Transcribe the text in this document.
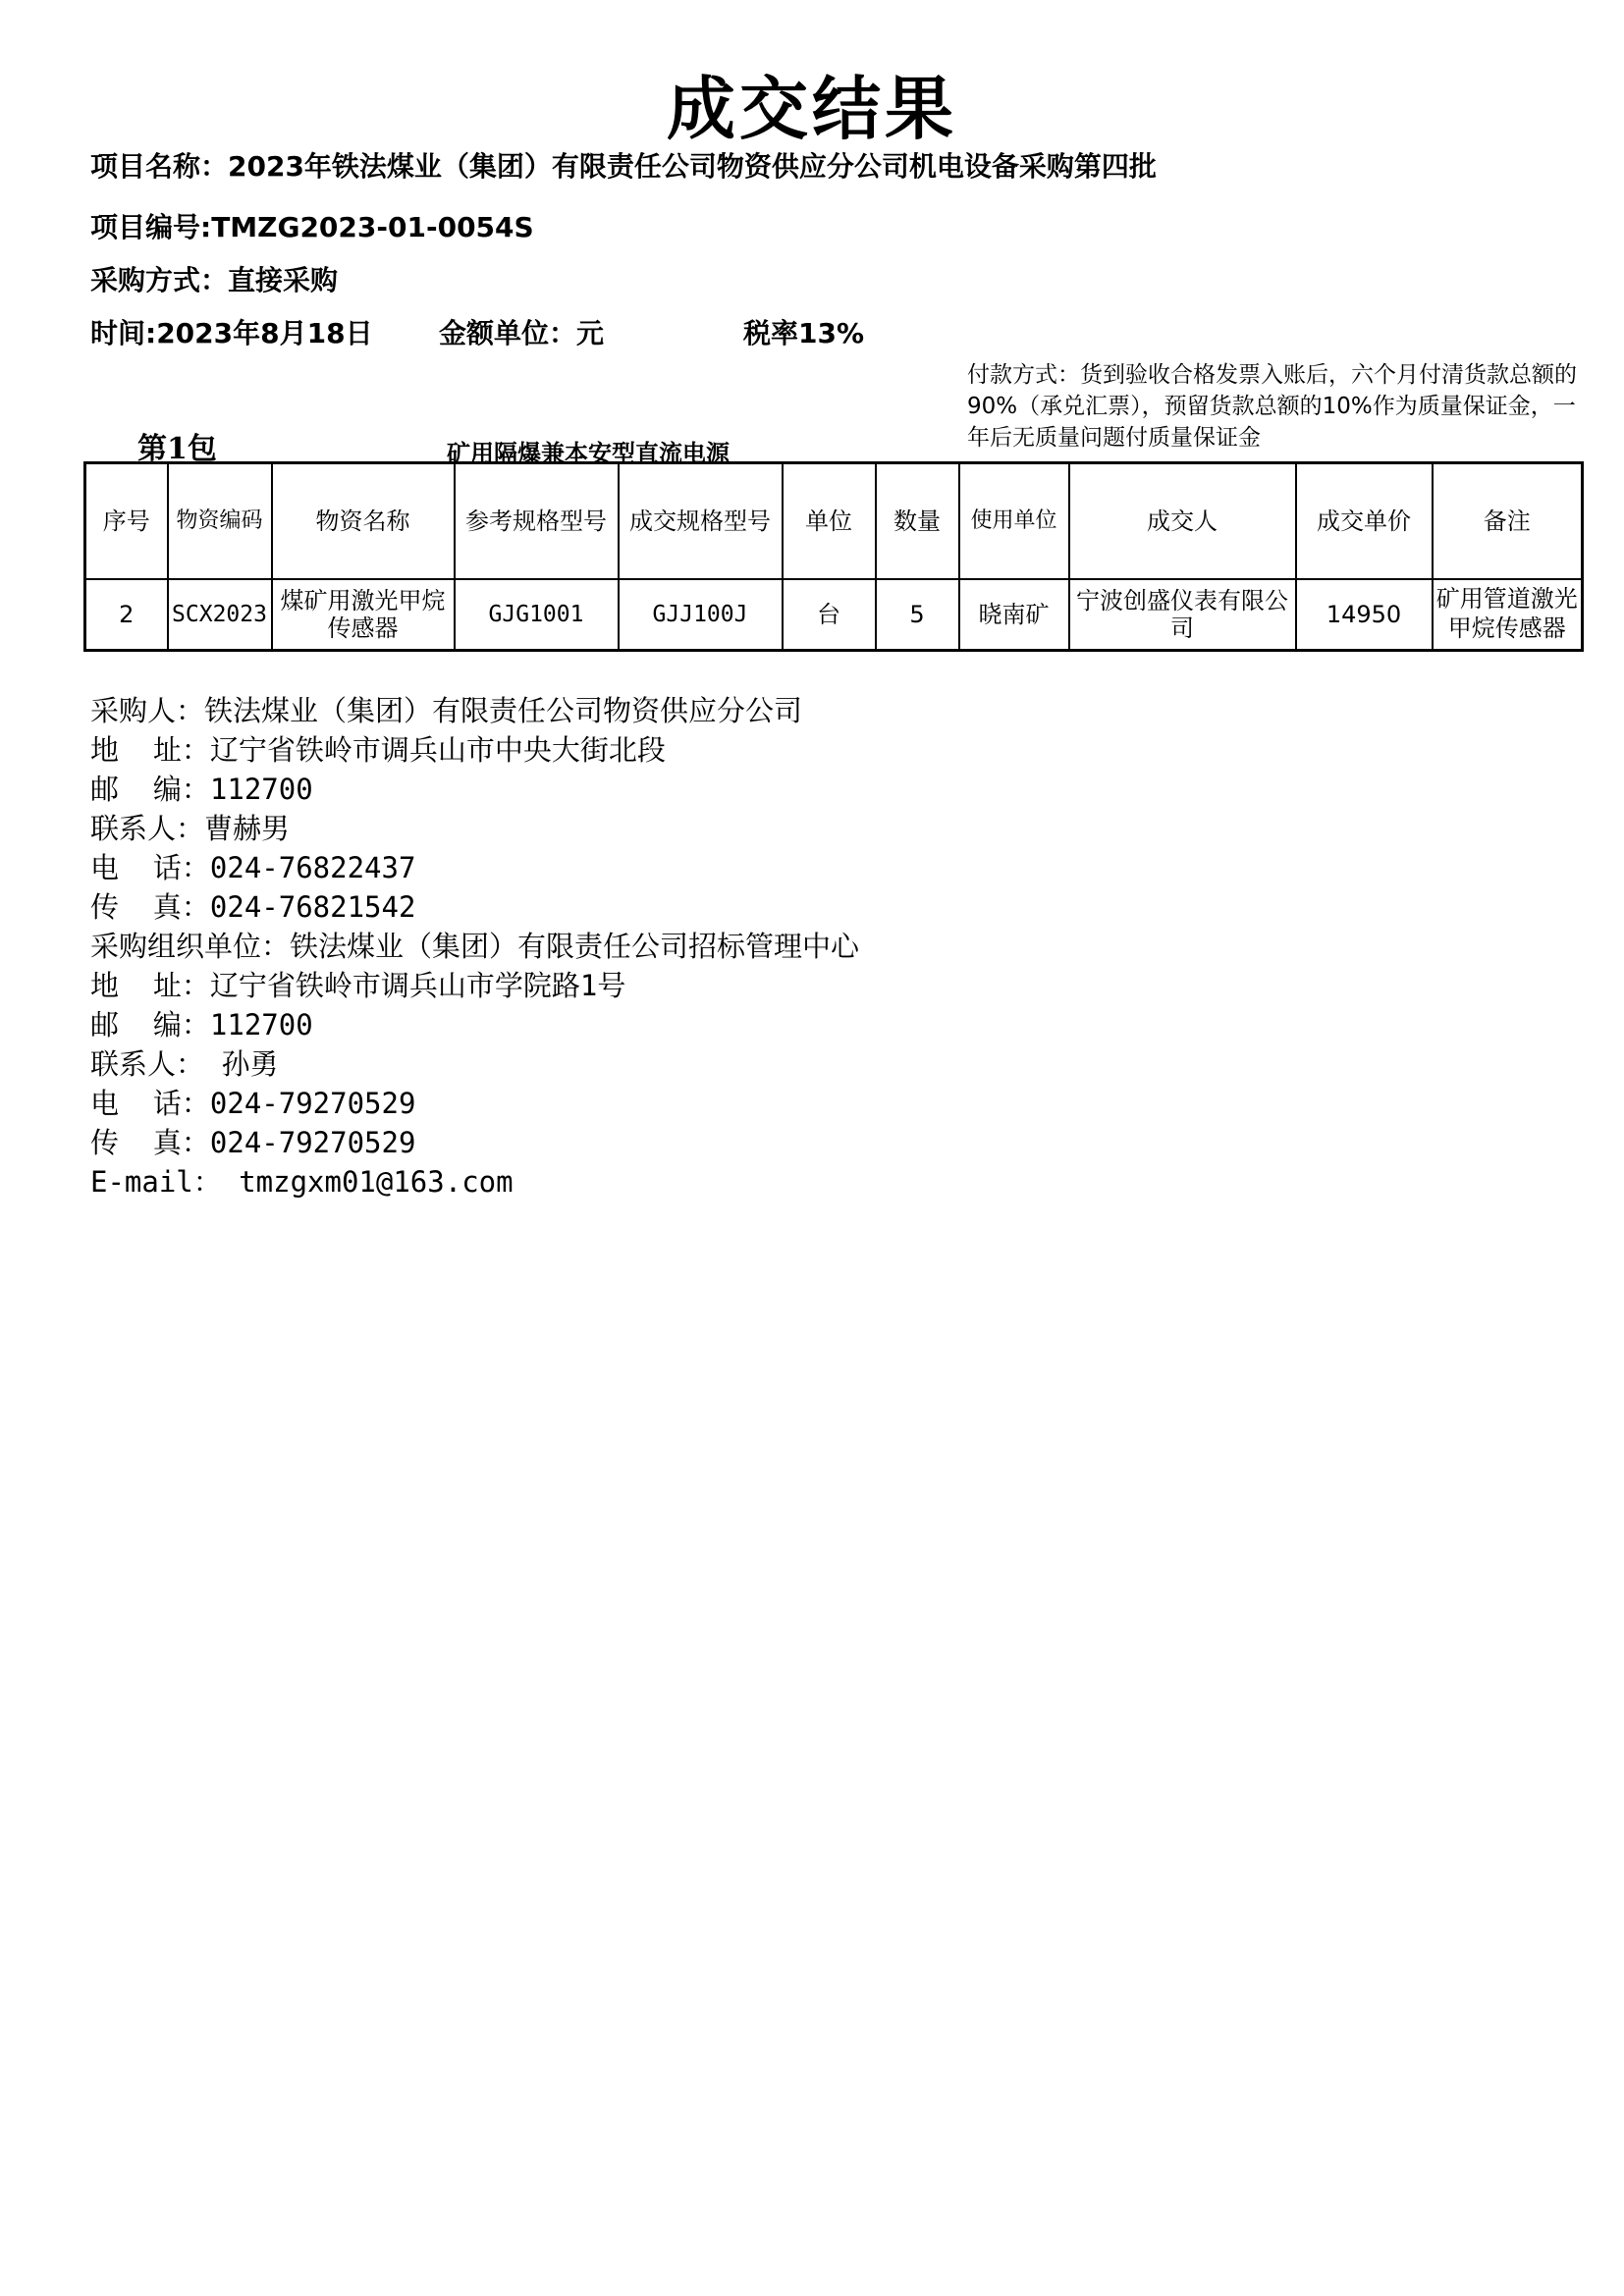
成交结果
项目名称：2023年铁法煤业（集团）有限责任公司物资供应分公司机电设备采购第四批
项目编号:TMZG2023-01-0054S
采购方式：直接采购
时间:2023年8月18日 金额单位：元	税率13%
付款方式：货到验收合格发票入账后，六个月付清货款总额的90%（承兑汇票），预留货款总额的10%作为质量保证金，一年后无质量问题付质量保证金
第1包	矿用隔爆兼本安型直流电源
序号	物资编码	物资名称	参考规格型号	成交规格型号	单位	数量	使用单位	成交人	成交单价	备注
2	SCX2023	煤矿用激光甲烷传感器	GJG1001	GJJ100J	台	5	晓南矿	宁波创盛仪表有限公司	14950	矿用管道激光甲烷传感器
采购人：铁法煤业（集团）有限责任公司物资供应分公司
地  址：辽宁省铁岭市调兵山市中央大街北段
邮  编：112700
联系人：曹赫男
电  话：024-76822437
传  真：024-76821542
采购组织单位：铁法煤业（集团）有限责任公司招标管理中心
地  址：辽宁省铁岭市调兵山市学院路1号
邮  编：112700
联系人： 孙勇
电  话：024-79270529
传  真：024-79270529
E-mail： tmzgxm01@163.com
